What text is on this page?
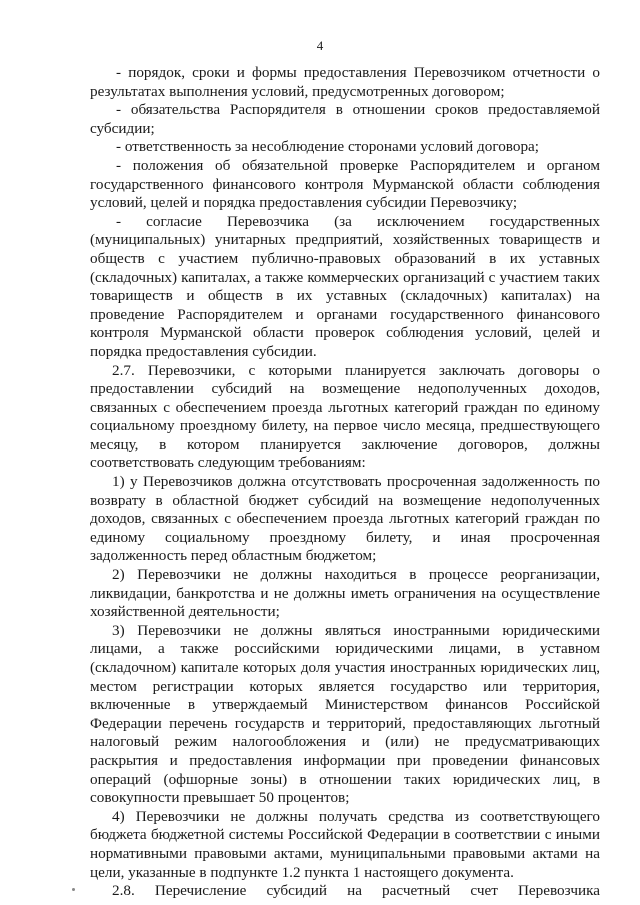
4

- порядок, сроки и формы предоставления Перевозчиком отчетности о результатах выполнения условий, предусмотренных договором;

- обязательства Распорядителя в отношении сроков предоставляемой субсидии;

- ответственность за несоблюдение сторонами условий договора;

- положения об обязательной проверке Распорядителем и органом государственного финансового контроля Мурманской области соблюдения условий, целей и порядка предоставления субсидии Перевозчику;

- согласие Перевозчика (за исключением государственных (муниципальных) унитарных предприятий, хозяйственных товариществ и обществ с участием публично-правовых образований в их уставных (складочных) капиталах, а также коммерческих организаций с участием таких товариществ и обществ в их уставных (складочных) капиталах) на проведение Распорядителем и органами государственного финансового контроля Мурманской области проверок соблюдения условий, целей и порядка предоставления субсидии.

2.7. Перевозчики, с которыми планируется заключать договоры о предоставлении субсидий на возмещение недополученных доходов, связанных с обеспечением проезда льготных категорий граждан по единому социальному проездному билету, на первое число месяца, предшествующего месяцу, в котором планируется заключение договоров, должны соответствовать следующим требованиям:

1) у Перевозчиков должна отсутствовать просроченная задолженность по возврату в областной бюджет субсидий на возмещение недополученных доходов, связанных с обеспечением проезда льготных категорий граждан по единому социальному проездному билету, и иная просроченная задолженность перед областным бюджетом;

2) Перевозчики не должны находиться в процессе реорганизации, ликвидации, банкротства и не должны иметь ограничения на осуществление хозяйственной деятельности;

3) Перевозчики не должны являться иностранными юридическими лицами, а также российскими юридическими лицами, в уставном (складочном) капитале которых доля участия иностранных юридических лиц, местом регистрации которых является государство или территория, включенные в утверждаемый Министерством финансов Российской Федерации перечень государств и территорий, предоставляющих льготный налоговый режим налогообложения и (или) не предусматривающих раскрытия и предоставления информации при проведении финансовых операций (офшорные зоны) в отношении таких юридических лиц, в совокупности превышает 50 процентов;

4) Перевозчики не должны получать средства из соответствующего бюджета бюджетной системы Российской Федерации в соответствии с иными нормативными правовыми актами, муниципальными правовыми актами на цели, указанные в подпункте 1.2 пункта 1 настоящего документа.

2.8. Перечисление субсидий на расчетный счет Перевозчика
